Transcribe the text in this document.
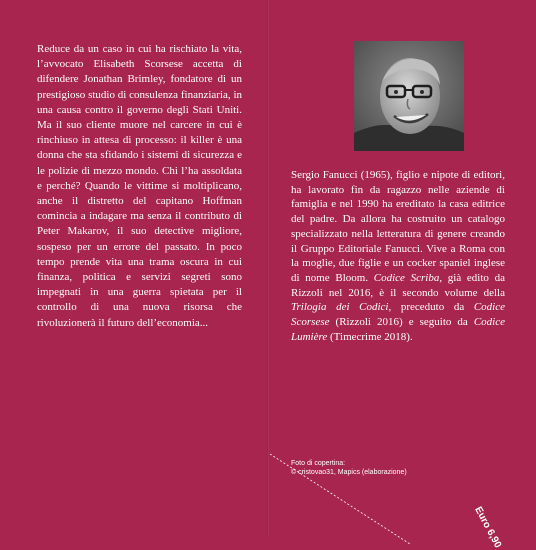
Reduce da un caso in cui ha rischiato la vita, l’avvocato Elisabeth Scorsese accetta di difendere Jonathan Brimley, fondatore di un prestigioso studio di consulenza finanziaria, in una causa contro il governo degli Stati Uniti. Ma il suo cliente muore nel carcere in cui è rinchiuso in attesa di processo: il killer è una donna che sta sfidando i sistemi di sicurezza e le polizie di mezzo mondo. Chi l’ha assoldata e perché? Quando le vittime si moltiplicano, anche il distretto del capitano Hoffman comincia a indagare ma senza il contributo di Peter Makarov, il suo detective migliore, sospeso per un errore del passato. In poco tempo prende vita una trama oscura in cui finanza, politica e servizi segreti sono impegnati in una guerra spietata per il controllo di una nuova risorsa che rivoluzionerà il futuro dell’economia...

Sergio Fanucci (1965), figlio e nipote di editori, ha lavorato fin da ragazzo nelle aziende di famiglia e nel 1990 ha ereditato la casa editrice del padre. Da allora ha costruito un catalogo specializzato nella letteratura di genere creando il Gruppo Editoriale Fanucci. Vive a Roma con la moglie, due figlie e un cocker spaniel inglese di nome Bloom. Codice Scriba, già edito da Rizzoli nel 2016, è il secondo volume della Trilogia dei Codici, preceduto da Codice Scorsese (Rizzoli 2016) e seguito da Codice Lumière (Timecrime 2018).

Foto di copertina:
© cristovao31, Mapics (elaborazione)

Euro 6,90
